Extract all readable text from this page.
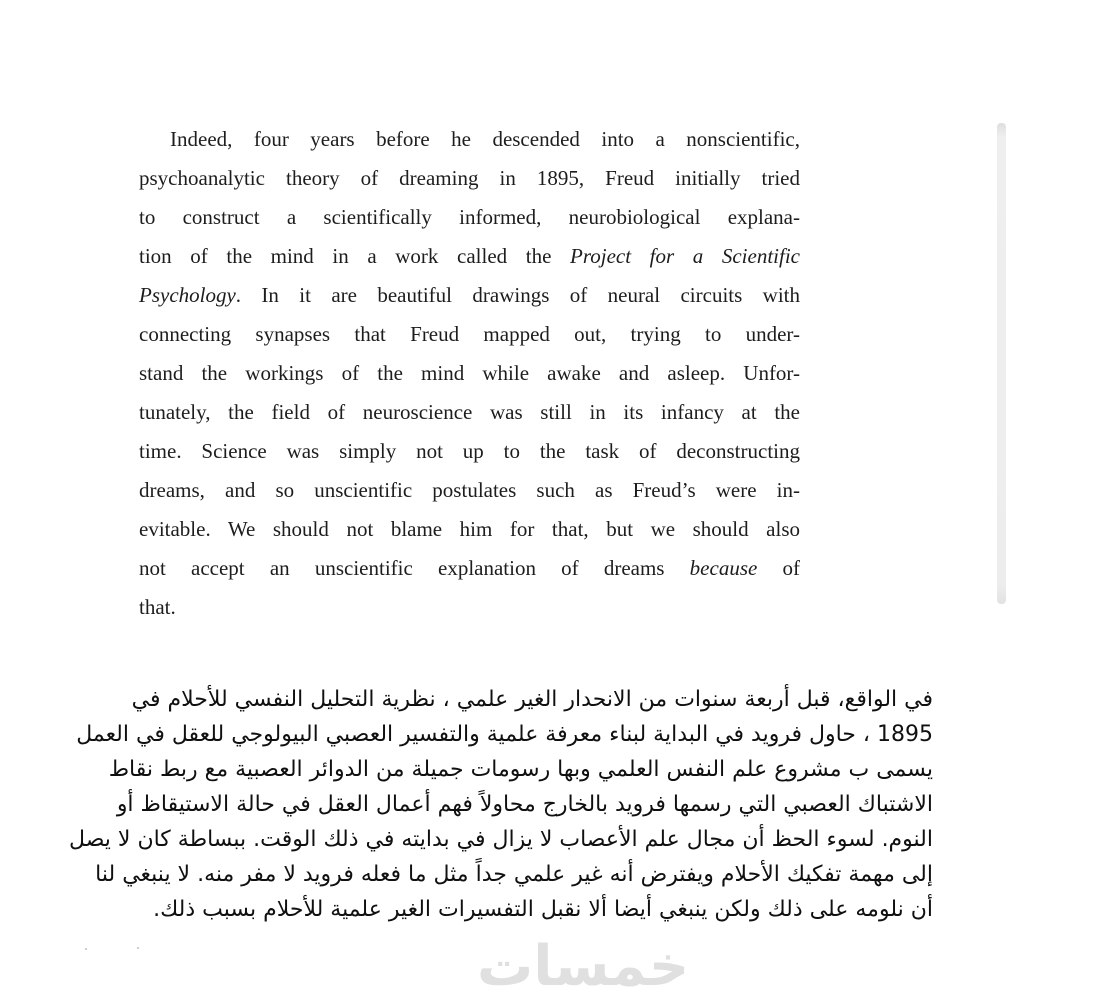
Indeed, four years before he descended into a nonscientific,
psychoanalytic theory of dreaming in 1895, Freud initially tried
to construct a scientifically informed, neurobiological explana-
tion of the mind in a work called the Project for a Scientific
Psychology. In it are beautiful drawings of neural circuits with
connecting synapses that Freud mapped out, trying to under-
stand the workings of the mind while awake and asleep. Unfor-
tunately, the field of neuroscience was still in its infancy at the
time. Science was simply not up to the task of deconstructing
dreams, and so unscientific postulates such as Freud’s were in-
evitable. We should not blame him for that, but we should also
not accept an unscientific explanation of dreams because of
that.
في الواقع، قبل أربعة سنوات من الانحدار الغير علمي ، نظرية التحليل النفسي للأحلام في
1895 ، حاول فرويد في البداية لبناء معرفة علمية والتفسير العصبي البيولوجي للعقل في العمل
يسمى ب مشروع علم النفس العلمي وبها رسومات جميلة من الدوائر العصبية مع ربط نقاط
الاشتباك العصبي التي رسمها فرويد بالخارج محاولاً فهم أعمال العقل في حالة الاستيقاظ أو
النوم. لسوء الحظ أن مجال علم الأعصاب لا يزال في بدايته في ذلك الوقت. ببساطة كان لا يصل
إلى مهمة تفكيك الأحلام ويفترض أنه غير علمي جداً مثل ما فعله فرويد لا مفر منه. لا ينبغي لنا
أن نلومه على ذلك ولكن ينبغي أيضا ألا نقبل التفسيرات الغير علمية للأحلام بسبب ذلك.
خمسات
